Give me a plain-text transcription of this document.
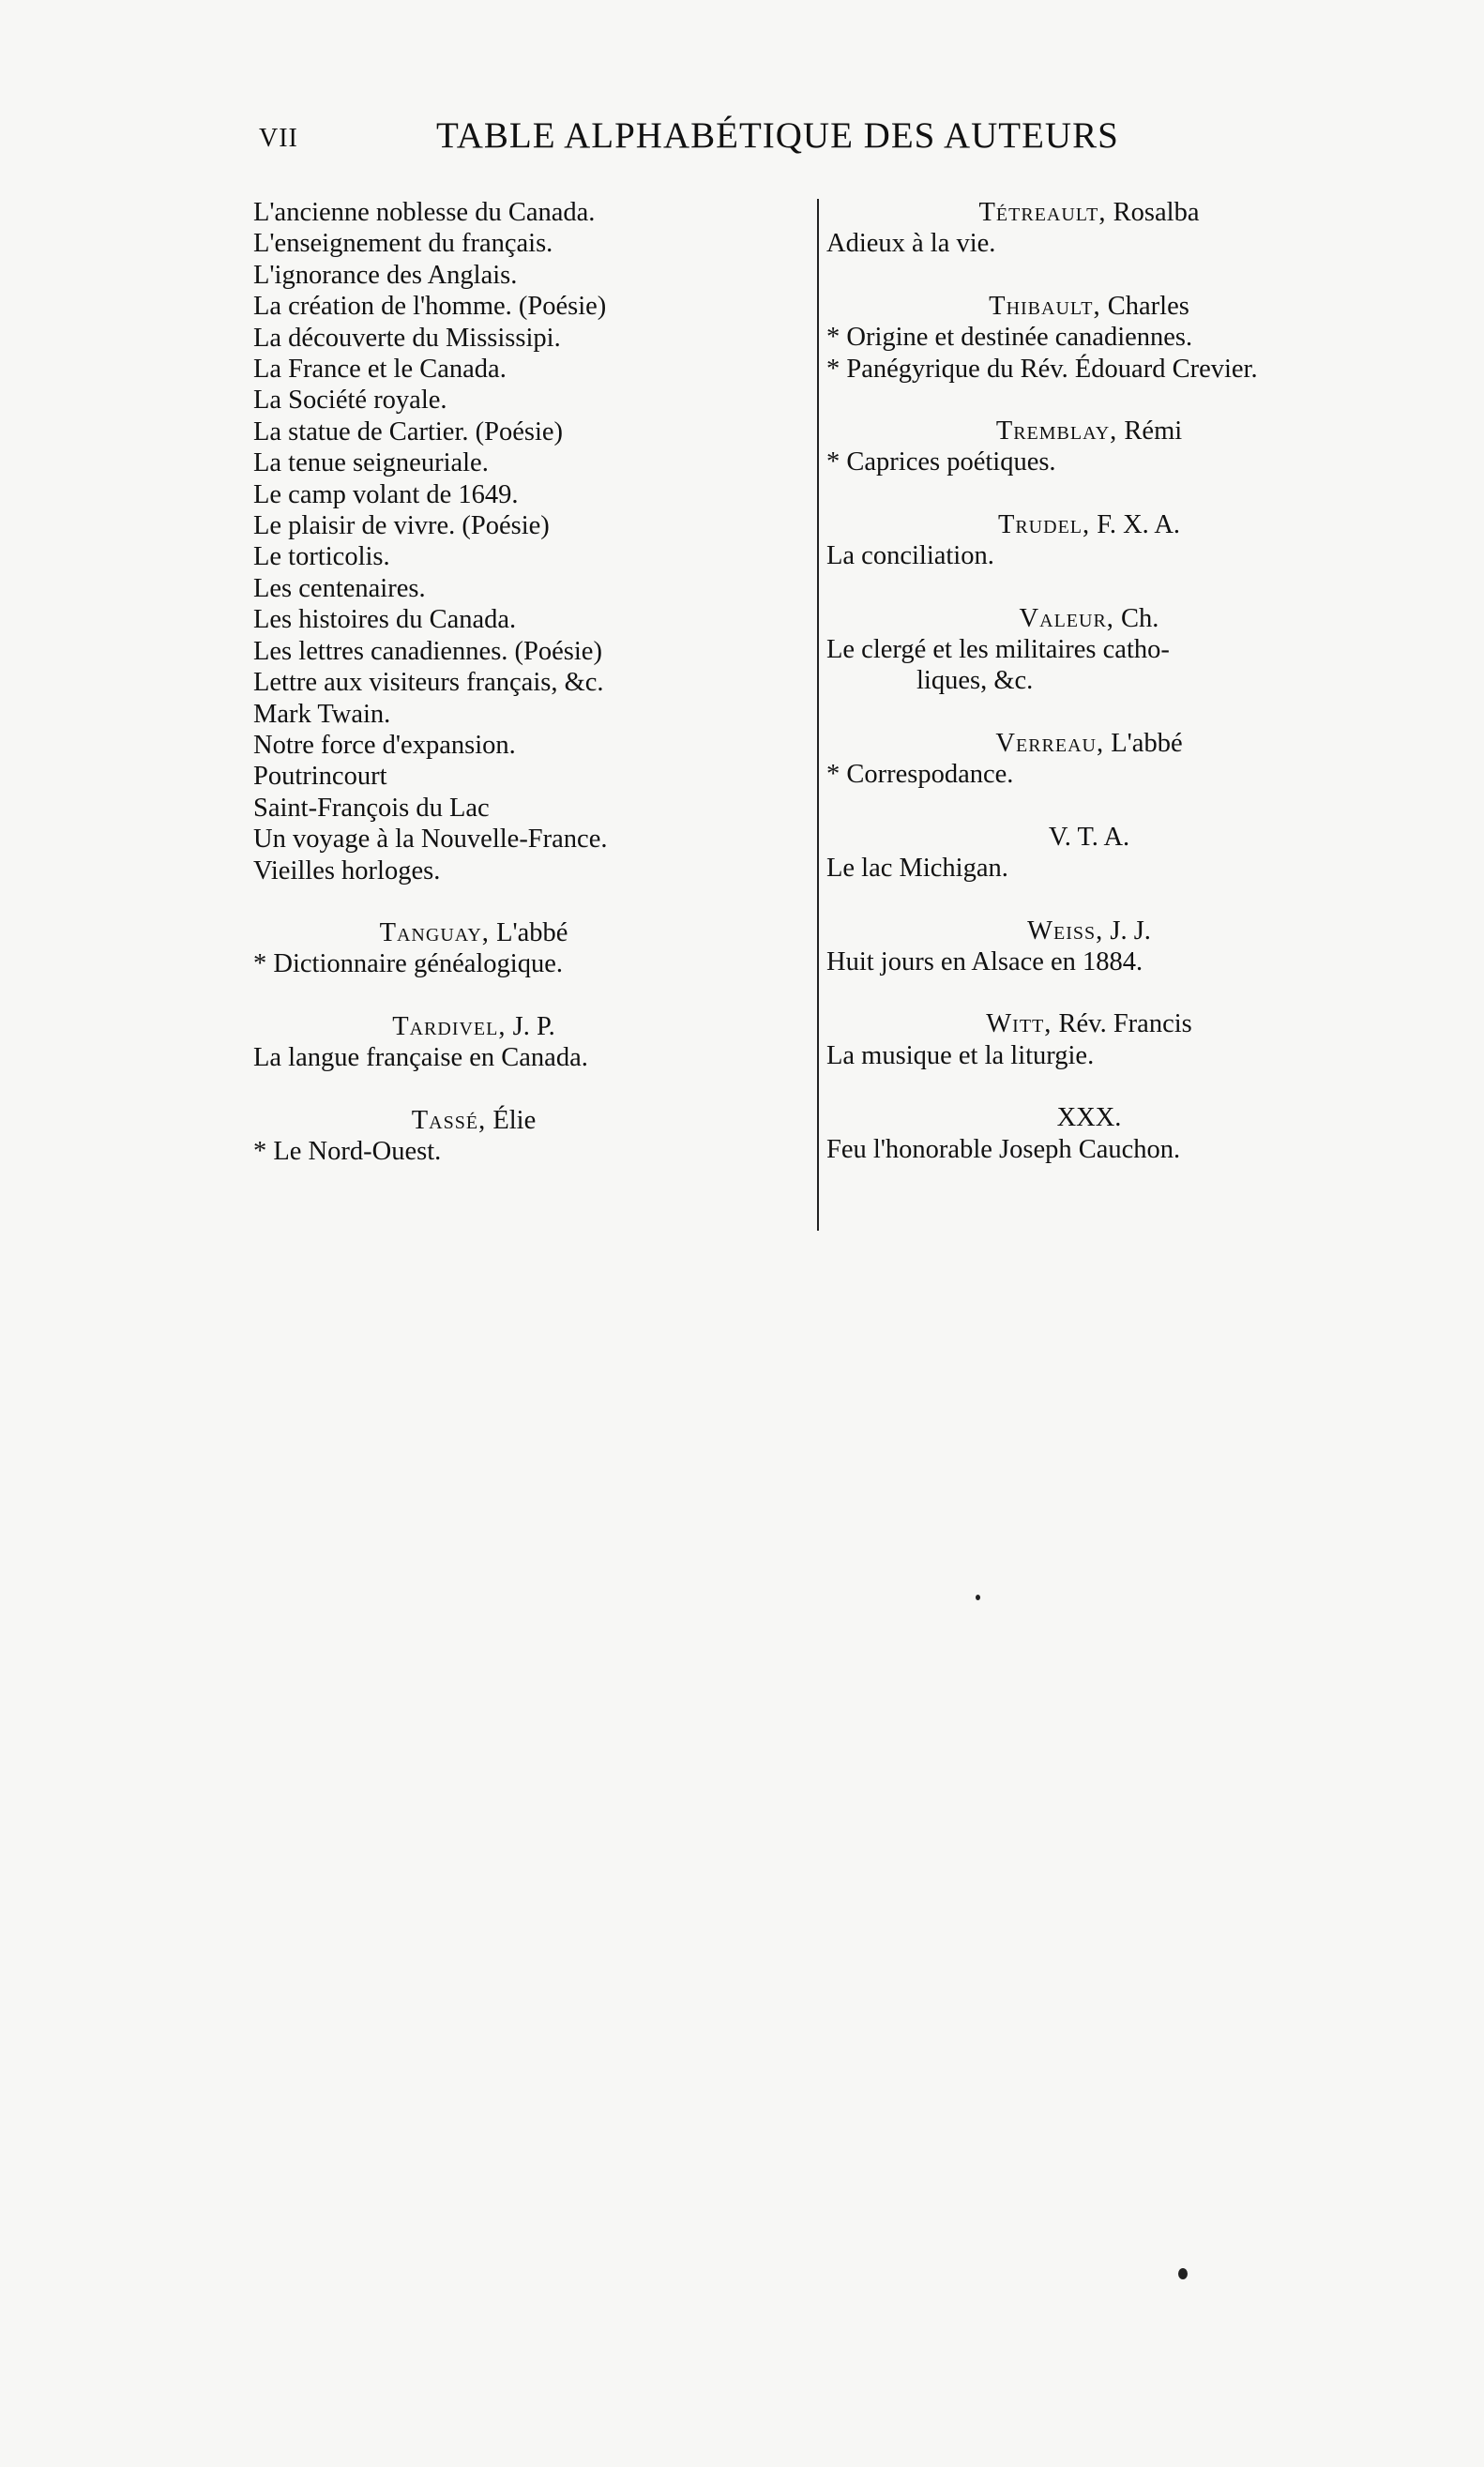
VII	TABLE ALPHABÉTIQUE DES AUTEURS
L'ancienne noblesse du Canada.
L'enseignement du français.
L'ignorance des Anglais.
La création de l'homme. (Poésie)
La découverte du Mississipi.
La France et le Canada.
La Société royale.
La statue de Cartier. (Poésie)
La tenue seigneuriale.
Le camp volant de 1649.
Le plaisir de vivre. (Poésie)
Le torticolis.
Les centenaires.
Les histoires du Canada.
Les lettres canadiennes. (Poésie)
Lettre aux visiteurs français, &c.
Mark Twain.
Notre force d'expansion.
Poutrincourt
Saint-François du Lac
Un voyage à la Nouvelle-France.
Vieilles horloges.
Tanguay, L'abbé
* Dictionnaire généalogique.
Tardivel, J. P.
La langue française en Canada.
Tassé, Élie
* Le Nord-Ouest.
Tétreault, Rosalba
Adieux à la vie.
Thibault, Charles
* Origine et destinée canadiennes.
* Panégyrique du Rév. Édouard Crevier.
Tremblay, Rémi
* Caprices poétiques.
Trudel, F. X. A.
La conciliation.
Valeur, Ch.
Le clergé et les militaires catho-
liques, &c.
Verreau, L'abbé
* Correspodance.
V. T. A.
Le lac Michigan.
Weiss, J. J.
Huit jours en Alsace en 1884.
Witt, Rév. Francis
La musique et la liturgie.
XXX.
Feu l'honorable Joseph Cauchon.
